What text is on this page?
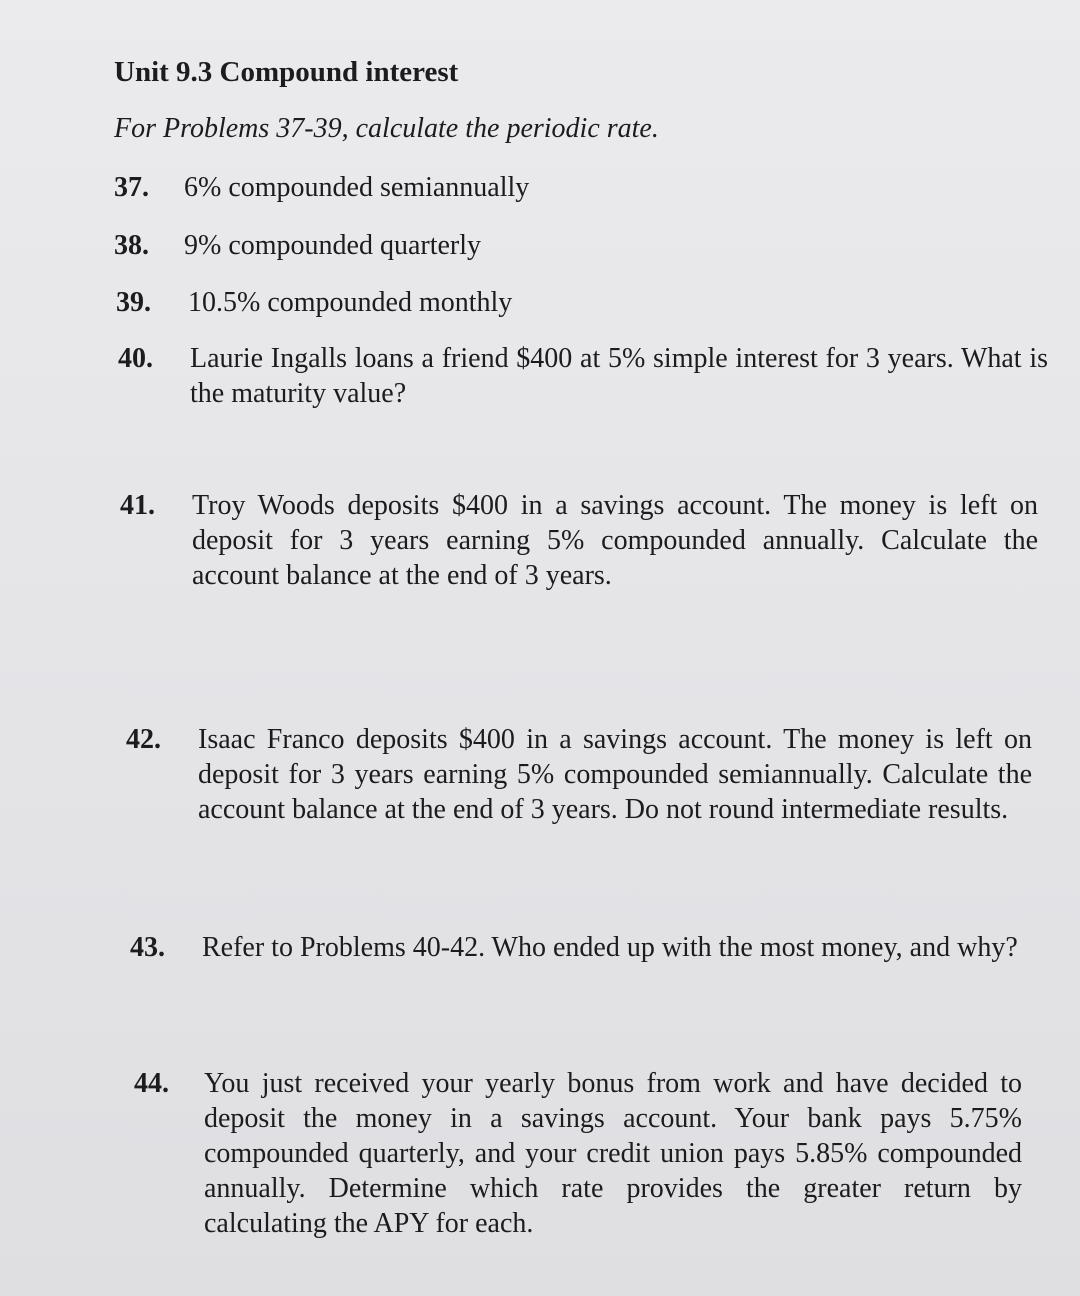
Unit 9.3 Compound interest

For Problems 37-39, calculate the periodic rate.

37.	6% compounded semiannually
38.	9% compounded quarterly
39.	10.5% compounded monthly
40.	Laurie Ingalls loans a friend $400 at 5% simple interest for 3 years. What is the maturity value?
41.	Troy Woods deposits $400 in a savings account. The money is left on deposit for 3 years earning 5% compounded annually. Calculate the account balance at the end of 3 years.
42.	Isaac Franco deposits $400 in a savings account. The money is left on deposit for 3 years earning 5% compounded semiannually. Calculate the account balance at the end of 3 years. Do not round intermediate results.
43.	Refer to Problems 40-42. Who ended up with the most money, and why?
44.	You just received your yearly bonus from work and have decided to deposit the money in a savings account. Your bank pays 5.75% compounded quarterly, and your credit union pays 5.85% compounded annually. Determine which rate provides the greater return by calculating the APY for each.
